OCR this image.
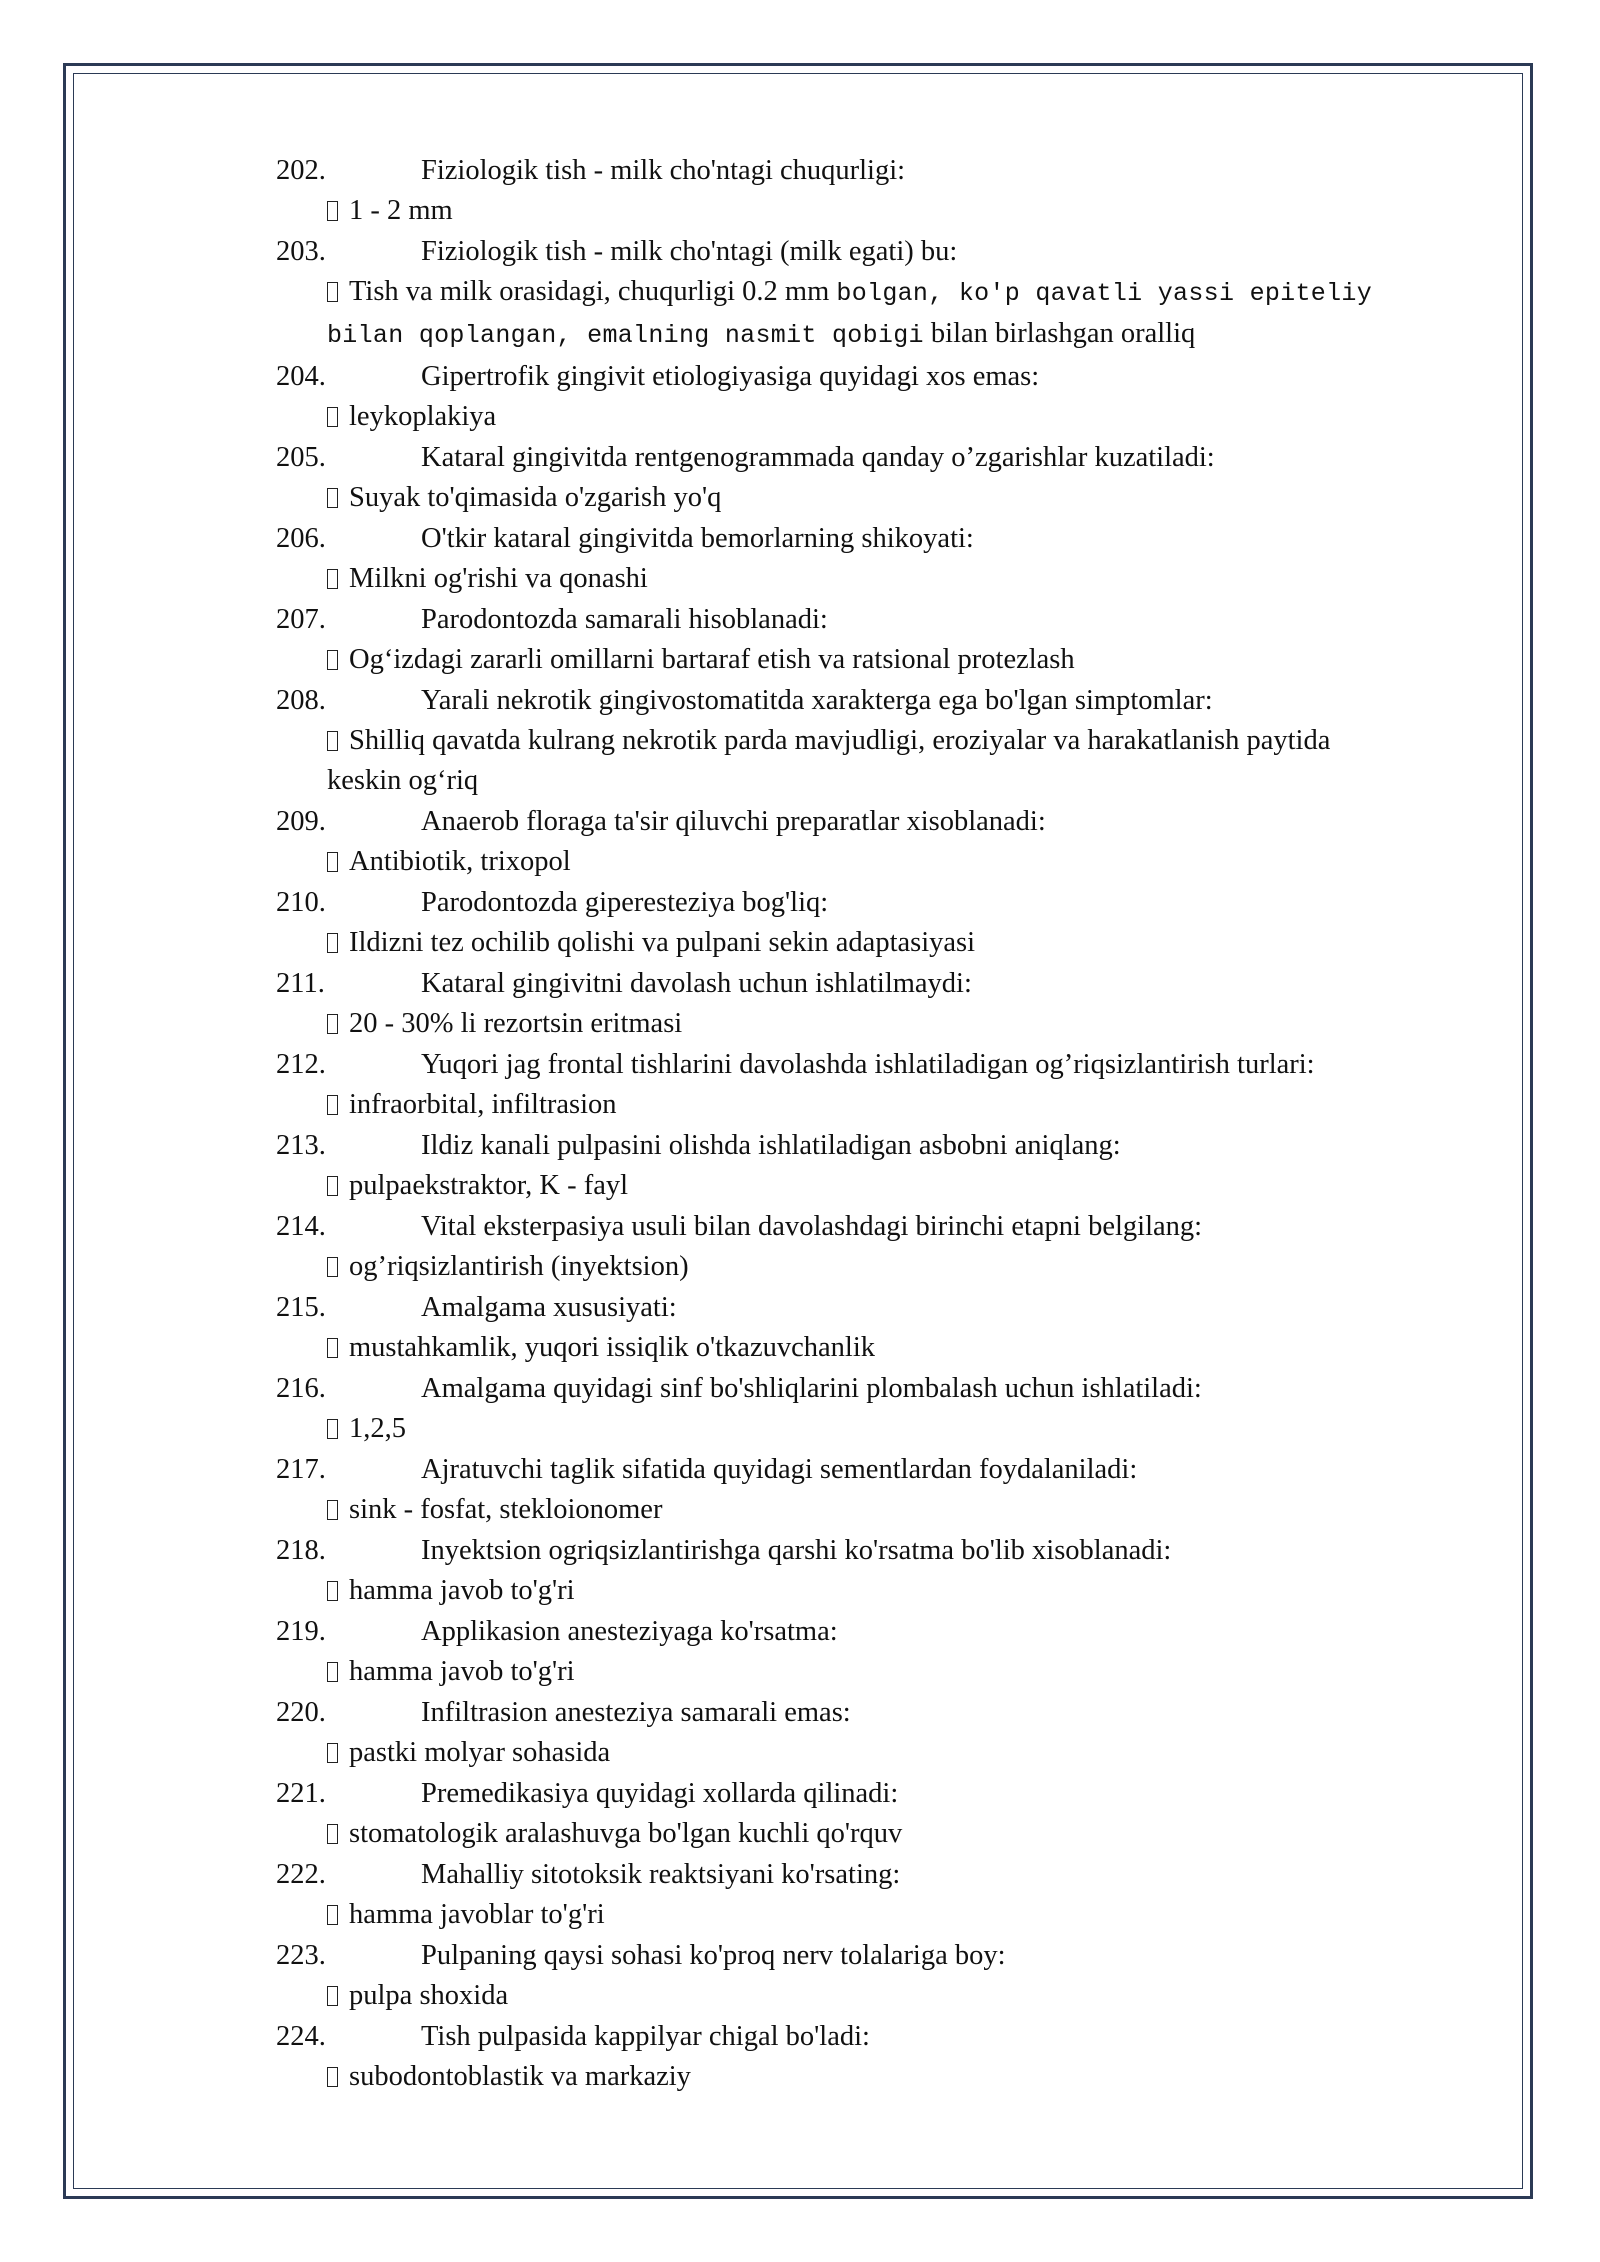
202.	Fiziologik tish - milk cho'ntagi chuqurligi:
1 - 2 mm
203.	Fiziologik tish - milk cho'ntagi (milk egati) bu:
Tish va milk orasidagi, chuqurligi 0.2 mm bolgan, ko'p qavatli yassi epiteliy
bilan qoplangan, emalning nasmit qobigi bilan birlashgan oralliq
204.	Gipertrofik gingivit etiologiyasiga quyidagi xos emas:
leykoplakiya
205.	Kataral gingivitda rentgenogrammada qanday o’zgarishlar kuzatiladi:
Suyak to'qimasida o'zgarish yo'q
206.	O'tkir kataral gingivitda bemorlarning shikoyati:
Milkni og'rishi va qonashi
207.	Parodontozda samarali hisoblanadi:
Og‘izdagi zararli omillarni bartaraf etish va ratsional protezlash
208.	Yarali nekrotik gingivostomatitda xarakterga ega bo'lgan simptomlar:
Shilliq qavatda kulrang nekrotik parda mavjudligi, eroziyalar va harakatlanish paytida
keskin og‘riq
209.	Anaerob floraga ta'sir qiluvchi preparatlar xisoblanadi:
Antibiotik, trixopol
210.	Parodontozda giperesteziya bog'liq:
Ildizni tez ochilib qolishi va pulpani sekin adaptasiyasi
211.	Kataral gingivitni davolash uchun ishlatilmaydi:
20 - 30% li rezortsin eritmasi
212.	Yuqori jag frontal tishlarini davolashda ishlatiladigan og’riqsizlantirish turlari:
infraorbital, infiltrasion
213.	Ildiz kanali pulpasini olishda ishlatiladigan asbobni aniqlang:
pulpaekstraktor, K - fayl
214.	Vital eksterpasiya usuli bilan davolashdagi birinchi etapni belgilang:
og’riqsizlantirish (inyektsion)
215.	Amalgama xususiyati:
mustahkamlik, yuqori issiqlik o'tkazuvchanlik
216.	Amalgama quyidagi sinf bo'shliqlarini plombalash uchun ishlatiladi:
1,2,5
217.	Ajratuvchi taglik sifatida quyidagi sementlardan foydalaniladi:
sink - fosfat, stekloionomer
218.	Inyektsion ogriqsizlantirishga qarshi ko'rsatma bo'lib xisoblanadi:
hamma javob to'g'ri
219.	Applikasion anesteziyaga ko'rsatma:
hamma javob to'g'ri
220.	Infiltrasion anesteziya samarali emas:
pastki molyar sohasida
221.	Premedikasiya quyidagi xollarda qilinadi:
stomatologik aralashuvga bo'lgan kuchli qo'rquv
222.	Mahalliy sitotoksik reaktsiyani ko'rsating:
hamma javoblar to'g'ri
223.	Pulpaning qaysi sohasi ko'proq nerv tolalariga boy:
pulpa shoxida
224.	Tish pulpasida kappilyar chigal bo'ladi:
subodontoblastik va markaziy
